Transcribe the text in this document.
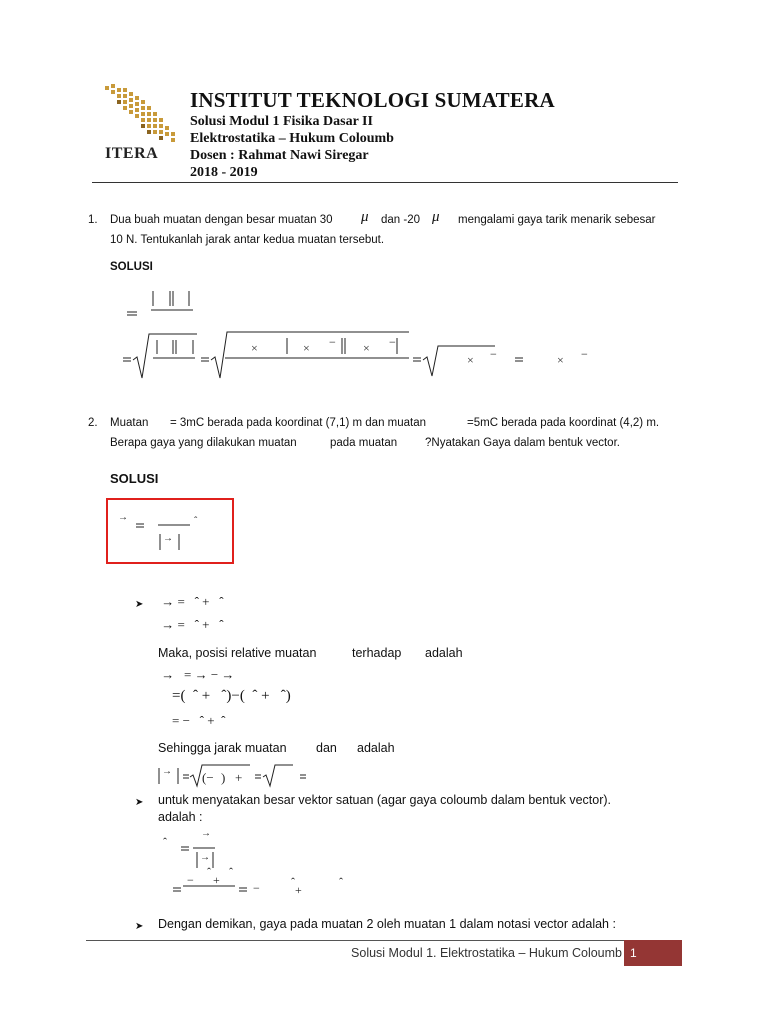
ITERA
INSTITUT TEKNOLOGI SUMATERA
Solusi Modul 1 Fisika Dasar II
Elektrostatika – Hukum Coloumb
Dosen : Rahmat Nawi Siregar
2018 - 2019
1. Dua buah muatan dengan besar muatan 30 μ dan -20 μ mengalami gaya tarik menarik sebesar
10 N. Tentukanlah jarak antar kedua muatan tersebut.
SOLUSI
×	× − × −
× −	× −
2. Muatan = 3mC berada pada koordinat (7,1) m dan muatan	=5mC berada pada koordinat (4,2) m.
Berapa gaya yang dilakukan muatan	pada muatan ?Nyatakan Gaya dalam bentuk vector.
SOLUSI
→	ˆ
→
➤ → =   ˆ +   ˆ
→ =   ˆ +   ˆ
Maka, posisi relative muatan	terhadap adalah
→   = → − →
=(  ˆ +   ˆ)−(  ˆ +   ˆ)
= −   ˆ +  ˆ
Sehingga jarak muatan dan adalah
→ (− ) +
➤ untuk menyatakan besar vektor satuan (agar gaya coloumb dalam bentuk vector).
adalah :
ˆ
→
→
−
ˆ
+
ˆ
−	ˆ
+
ˆ
➤ Dengan demikan, gaya pada muatan 2 oleh muatan 1 dalam notasi vector adalah :
Solusi Modul 1. Elektrostatika – Hukum Coloumb 1
